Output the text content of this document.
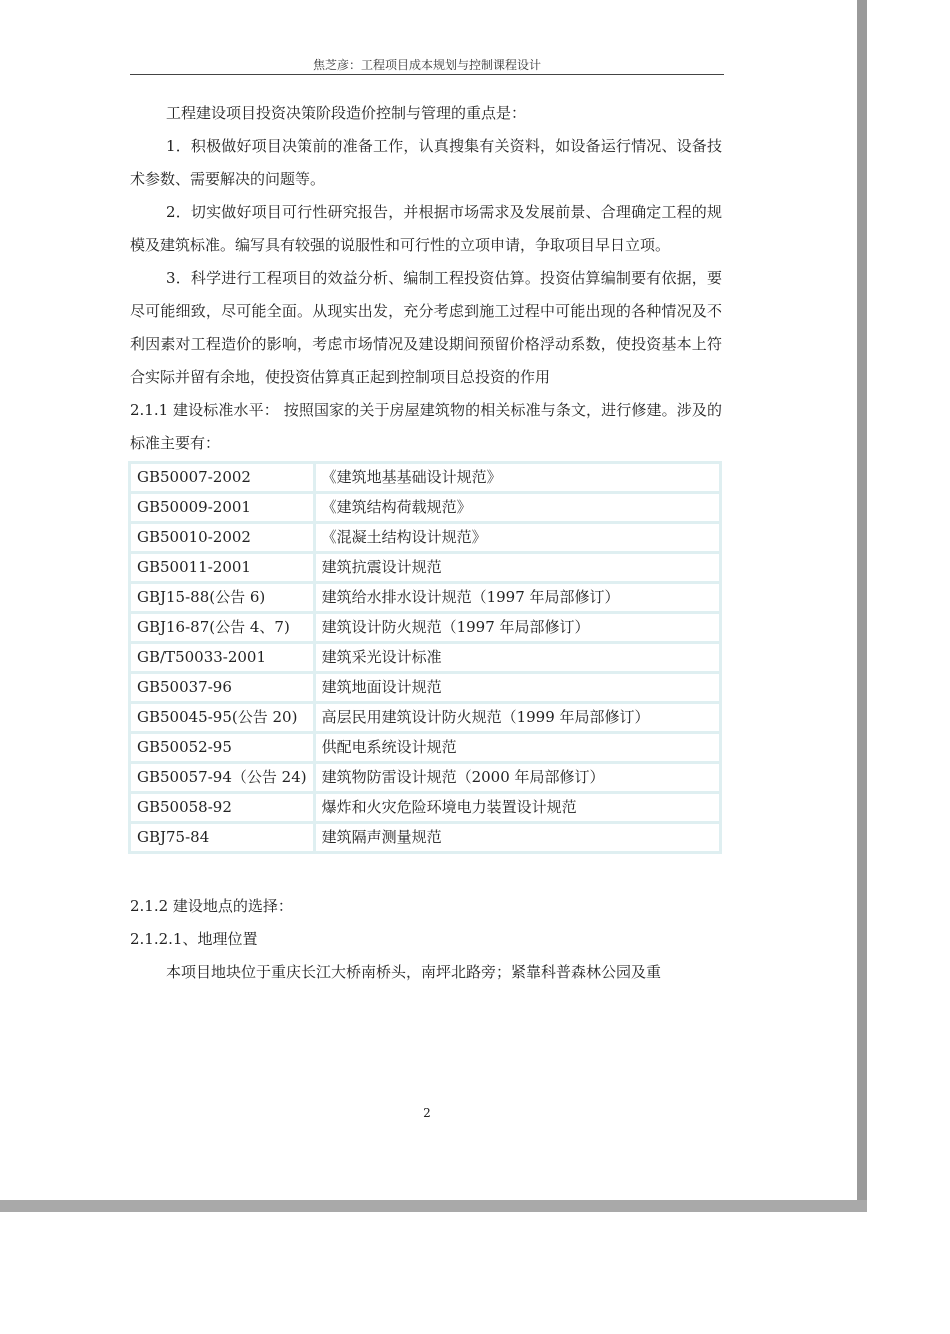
焦芝彦：工程项目成本规划与控制课程设计

工程建设项目投资决策阶段造价控制与管理的重点是：

1．积极做好项目决策前的准备工作，认真搜集有关资料，如设备运行情况、设备技术参数、需要解决的问题等。

2．切实做好项目可行性研究报告，并根据市场需求及发展前景、合理确定工程的规模及建筑标准。编写具有较强的说服性和可行性的立项申请，争取项目早日立项。

3．科学进行工程项目的效益分析、编制工程投资估算。投资估算编制要有依据，要尽可能细致，尽可能全面。从现实出发，充分考虑到施工过程中可能出现的各种情况及不利因素对工程造价的影响，考虑市场情况及建设期间预留价格浮动系数，使投资基本上符合实际并留有余地，使投资估算真正起到控制项目总投资的作用

2.1.1 建设标准水平： 按照国家的关于房屋建筑物的相关标准与条文，进行修建。涉及的标准主要有：

GB50007-2002	《建筑地基基础设计规范》
GB50009-2001	《建筑结构荷载规范》
GB50010-2002	《混凝土结构设计规范》
GB50011-2001	建筑抗震设计规范
GBJ15-88(公告 6)	建筑给水排水设计规范（1997 年局部修订）
GBJ16-87(公告 4、7)	建筑设计防火规范（1997 年局部修订）
GB/T50033-2001	建筑采光设计标准
GB50037-96	建筑地面设计规范
GB50045-95(公告 20)	高层民用建筑设计防火规范（1999 年局部修订）
GB50052-95	供配电系统设计规范
GB50057-94（公告 24)	建筑物防雷设计规范（2000 年局部修订）
GB50058-92	爆炸和火灾危险环境电力装置设计规范
GBJ75-84	建筑隔声测量规范

2.1.2 建设地点的选择：

2.1.2.1、地理位置

本项目地块位于重庆长江大桥南桥头，南坪北路旁；紧靠科普森林公园及重

2
